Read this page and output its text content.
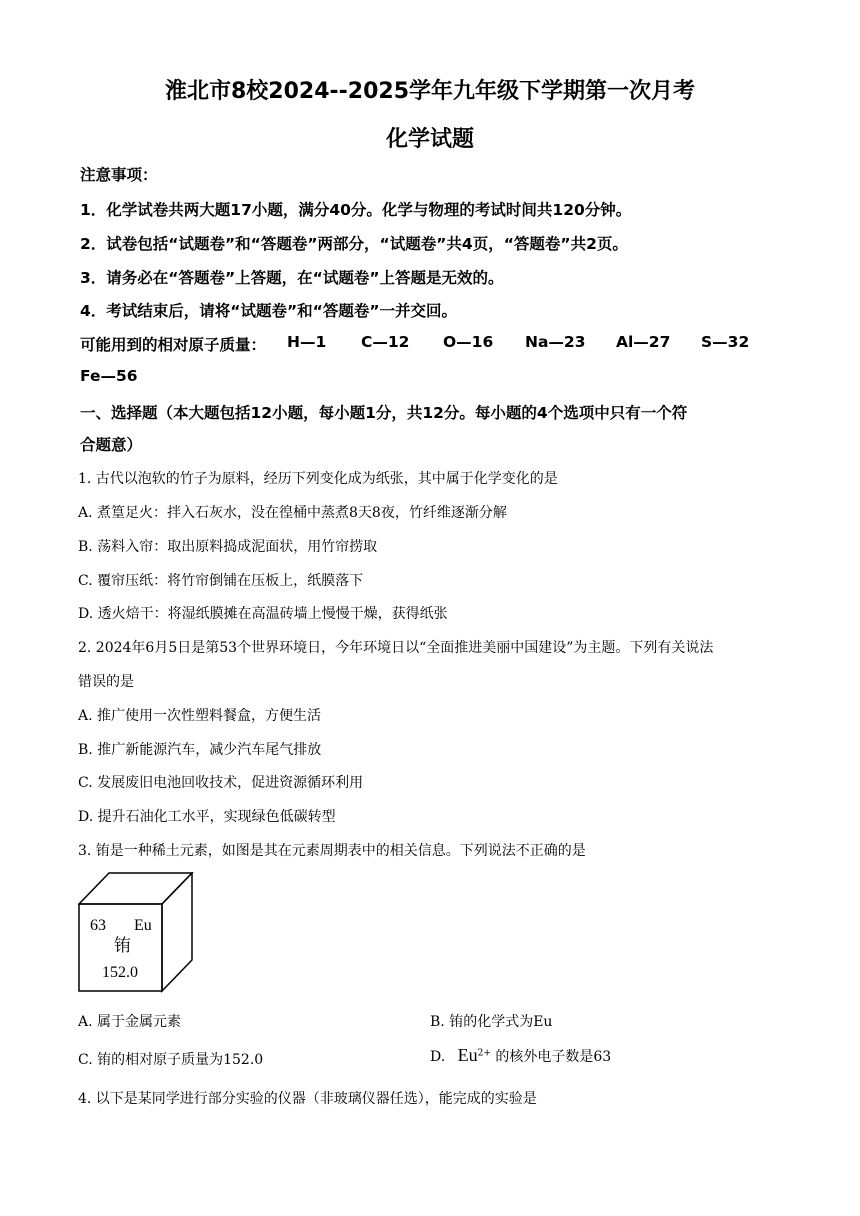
淮北市8校2024--2025学年九年级下学期第一次月考
化学试题
注意事项：
1．化学试卷共两大题17小题，满分40分。化学与物理的考试时间共120分钟。
2．试卷包括“试题卷”和“答题卷”两部分，“试题卷”共4页，“答题卷”共2页。
3．请务必在“答题卷”上答题，在“试题卷”上答题是无效的。
4．考试结束后，请将“试题卷”和“答题卷”一并交回。
可能用到的相对原子质量： H—1 C—12 O—16 Na—23 Al—27 S—32
Fe—56
一、选择题（本大题包括12小题，每小题1分，共12分。每小题的4个选项中只有一个符
合题意）
1. 古代以泡软的竹子为原料，经历下列变化成为纸张，其中属于化学变化的是
A. 煮篁足火：拌入石灰水，没在徨桶中蒸煮8天8夜，竹纤维逐渐分解
B. 荡料入帘：取出原料捣成泥面状，用竹帘捞取
C. 覆帘压纸：将竹帘倒铺在压板上，纸膜落下
D. 透火焙干：将湿纸膜摊在高温砖墙上慢慢干燥，获得纸张
2. 2024年6月5日是第53个世界环境日，今年环境日以“全面推进美丽中国建设”为主题。下列有关说法
错误的是
A. 推广使用一次性塑料餐盒，方便生活
B. 推广新能源汽车，减少汽车尾气排放
C. 发展废旧电池回收技术，促进资源循环利用
D. 提升石油化工水平，实现绿色低碳转型
3. 铕是一种稀土元素，如图是其在元素周期表中的相关信息。下列说法不正确的是
63 Eu
铕
152.0
A. 属于金属元素	B. 铕的化学式为Eu
C. 铕的相对原子质量为152.0	D. $Eu^{2+}$ 的核外电子数是63
4. 以下是某同学进行部分实验的仪器（非玻璃仪器任选），能完成的实验是
